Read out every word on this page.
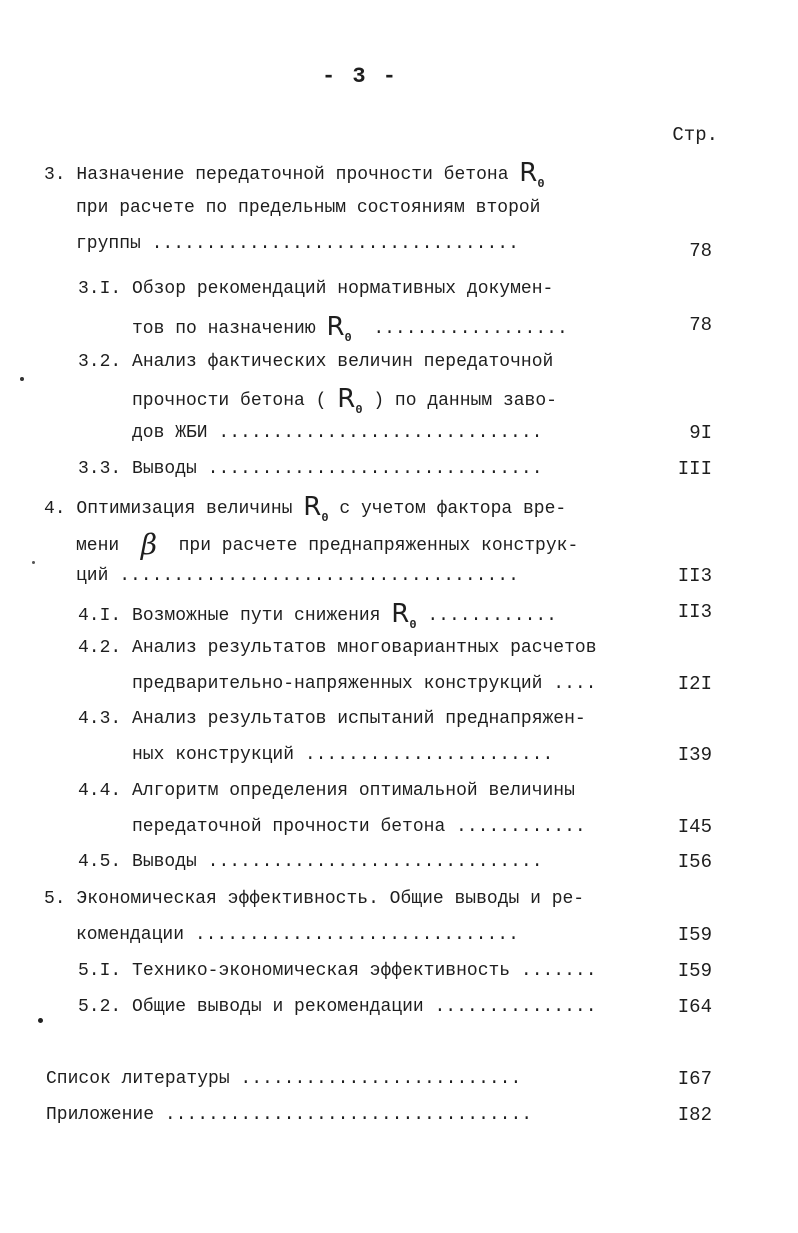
- 3 -
Стр.
3. Назначение передаточной прочности бетона $R_0$
при расчете по предельным состояниям второй
группы ..................................	78
3.I. Обзор рекомендаций нормативных докумен-
тов по назначению $R_0$  ..................	78
3.2. Анализ фактических величин передаточной
прочности бетона ( $R_0$ ) по данным заво-
дов ЖБИ ..............................	9I
3.3. Выводы ...............................	III
4. Оптимизация величины $R_0$ с учетом фактора вре-
мени  β  при расчете преднапряженных конструк-
ций .....................................	II3
4.I. Возможные пути снижения $R_0$ ............	II3
4.2. Анализ результатов многовариантных расчетов
предварительно-напряженных конструкций ....	I2I
4.3. Анализ результатов испытаний преднапряжен-
ных конструкций .......................	I39
4.4. Алгоритм определения оптимальной величины
передаточной прочности бетона ............	I45
4.5. Выводы ...............................	I56
5. Экономическая эффективность. Общие выводы и ре-
комендации ..............................	I59
5.I. Технико-экономическая эффективность .......	I59
5.2. Общие выводы и рекомендации ...............	I64
Список литературы ..........................	I67
Приложение ..................................	I82
